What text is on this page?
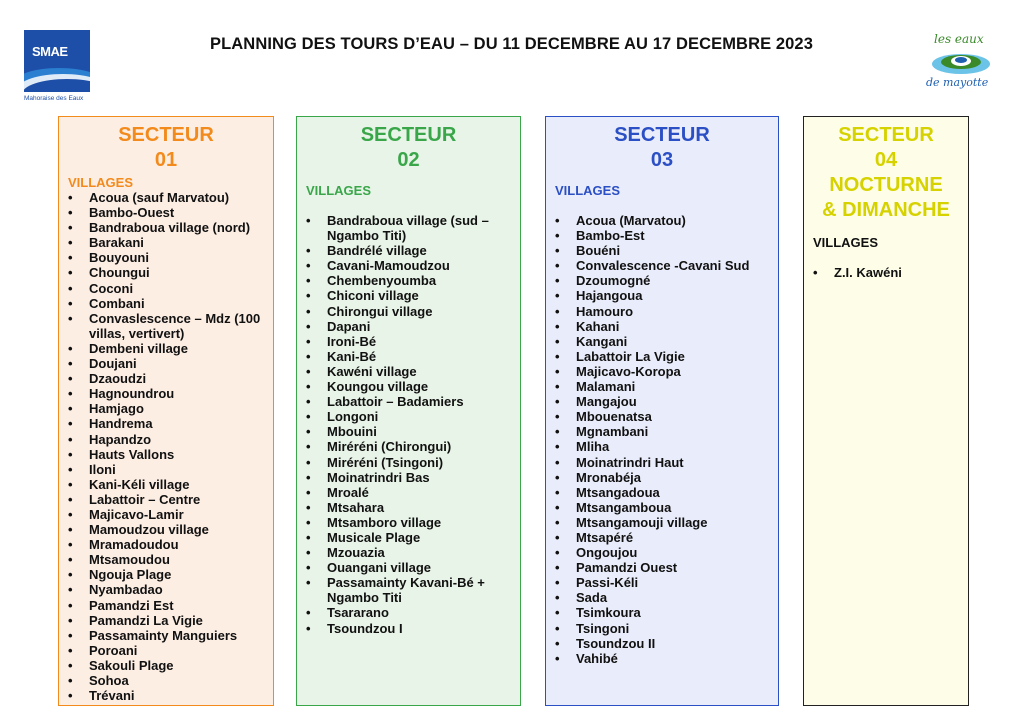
SMAE
Mahoraise des Eaux
PLANNING DES TOURS D’EAU – DU 11 DECEMBRE AU 17 DECEMBRE 2023	les eaux
de mayotte
SECTEUR
01
VILLAGES
• Acoua (sauf Marvatou)
• Bambo-Ouest
• Bandraboua village (nord)
• Barakani
• Bouyouni
• Choungui
• Coconi
• Combani
• Convaslescence – Mdz (100 villas, vertivert)
• Dembeni village
• Doujani
• Dzaoudzi
• Hagnoundrou
• Hamjago
• Handrema
• Hapandzo
• Hauts Vallons
• Iloni
• Kani-Kéli village
• Labattoir – Centre
• Majicavo-Lamir
• Mamoudzou village
• Mramadoudou
• Mtsamoudou
• Ngouja Plage
• Nyambadao
• Pamandzi Est
• Pamandzi La Vigie
• Passamainty Manguiers
• Poroani
• Sakouli Plage
• Sohoa
• Trévani
SECTEUR
02
VILLAGES
• Bandraboua village (sud – Ngambo Titi)
• Bandrélé village
• Cavani-Mamoudzou
• Chembenyoumba
• Chiconi village
• Chirongui village
• Dapani
• Ironi-Bé
• Kani-Bé
• Kawéni village
• Koungou village
• Labattoir – Badamiers
• Longoni
• Mbouini
• Miréréni (Chirongui)
• Miréréni (Tsingoni)
• Moinatrindri Bas
• Mroalé
• Mtsahara
• Mtsamboro village
• Musicale Plage
• Mzouazia
• Ouangani village
• Passamainty Kavani-Bé + Ngambo Titi
• Tsararano
• Tsoundzou I
SECTEUR
03
VILLAGES
• Acoua (Marvatou)
• Bambo-Est
• Bouéni
• Convalescence -Cavani Sud
• Dzoumogné
• Hajangoua
• Hamouro
• Kahani
• Kangani
• Labattoir La Vigie
• Majicavo-Koropa
• Malamani
• Mangajou
• Mbouenatsa
• Mgnambani
• Mliha
• Moinatrindri Haut
• Mronabéja
• Mtsangadoua
• Mtsangamboua
• Mtsangamouji village
• Mtsapéré
• Ongoujou
• Pamandzi Ouest
• Passi-Kéli
• Sada
• Tsimkoura
• Tsingoni
• Tsoundzou II
• Vahibé
SECTEUR
04
NOCTURNE
& DIMANCHE
VILLAGES
• Z.I. Kawéni
